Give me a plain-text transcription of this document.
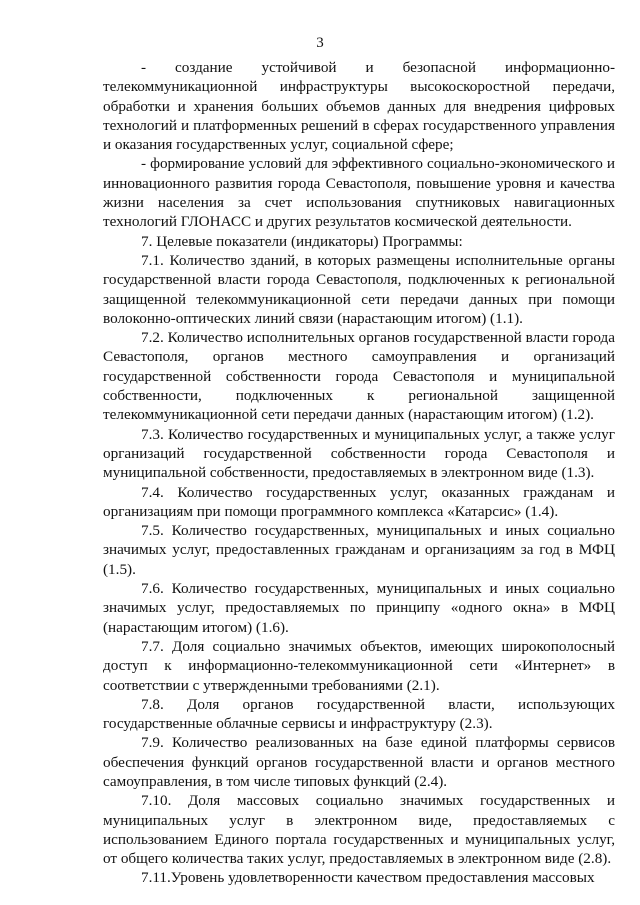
3

- создание устойчивой и безопасной информационно-телекоммуникационной инфраструктуры высокоскоростной передачи, обработки и хранения больших объемов данных для внедрения цифровых технологий и платформенных решений в сферах государственного управления и оказания государственных услуг, социальной сфере;

- формирование условий для эффективного социально-экономического и инновационного развития города Севастополя, повышение уровня и качества жизни населения за счет использования спутниковых навигационных технологий ГЛОНАСС и других результатов космической деятельности.

7. Целевые показатели (индикаторы) Программы:

7.1. Количество зданий, в которых размещены исполнительные органы государственной власти города Севастополя, подключенных к региональной защищенной телекоммуникационной сети передачи данных при помощи волоконно-оптических линий связи (нарастающим итогом) (1.1).

7.2. Количество исполнительных органов государственной власти города Севастополя, органов местного самоуправления и организаций государственной собственности города Севастополя и муниципальной собственности, подключенных к региональной защищенной телекоммуникационной сети передачи данных (нарастающим итогом) (1.2).

7.3. Количество государственных и муниципальных услуг, а также услуг организаций государственной собственности города Севастополя и муниципальной собственности, предоставляемых в электронном виде (1.3).

7.4. Количество государственных услуг, оказанных гражданам и организациям при помощи программного комплекса «Катарсис» (1.4).

7.5. Количество государственных, муниципальных и иных социально значимых услуг, предоставленных гражданам и организациям за год в МФЦ (1.5).

7.6. Количество государственных, муниципальных и иных социально значимых услуг, предоставляемых по принципу «одного окна» в МФЦ (нарастающим итогом) (1.6).

7.7. Доля социально значимых объектов, имеющих широкополосный доступ к информационно-телекоммуникационной сети «Интернет» в соответствии с утвержденными требованиями (2.1).

7.8. Доля органов государственной власти, использующих государственные облачные сервисы и инфраструктуру (2.3).

7.9. Количество реализованных на базе единой платформы сервисов обеспечения функций органов государственной власти и органов местного самоуправления, в том числе типовых функций (2.4).

7.10. Доля массовых социально значимых государственных и муниципальных услуг в электронном виде, предоставляемых с использованием Единого портала государственных и муниципальных услуг, от общего количества таких услуг, предоставляемых в электронном виде (2.8).

7.11.Уровень удовлетворенности качеством предоставления массовых
